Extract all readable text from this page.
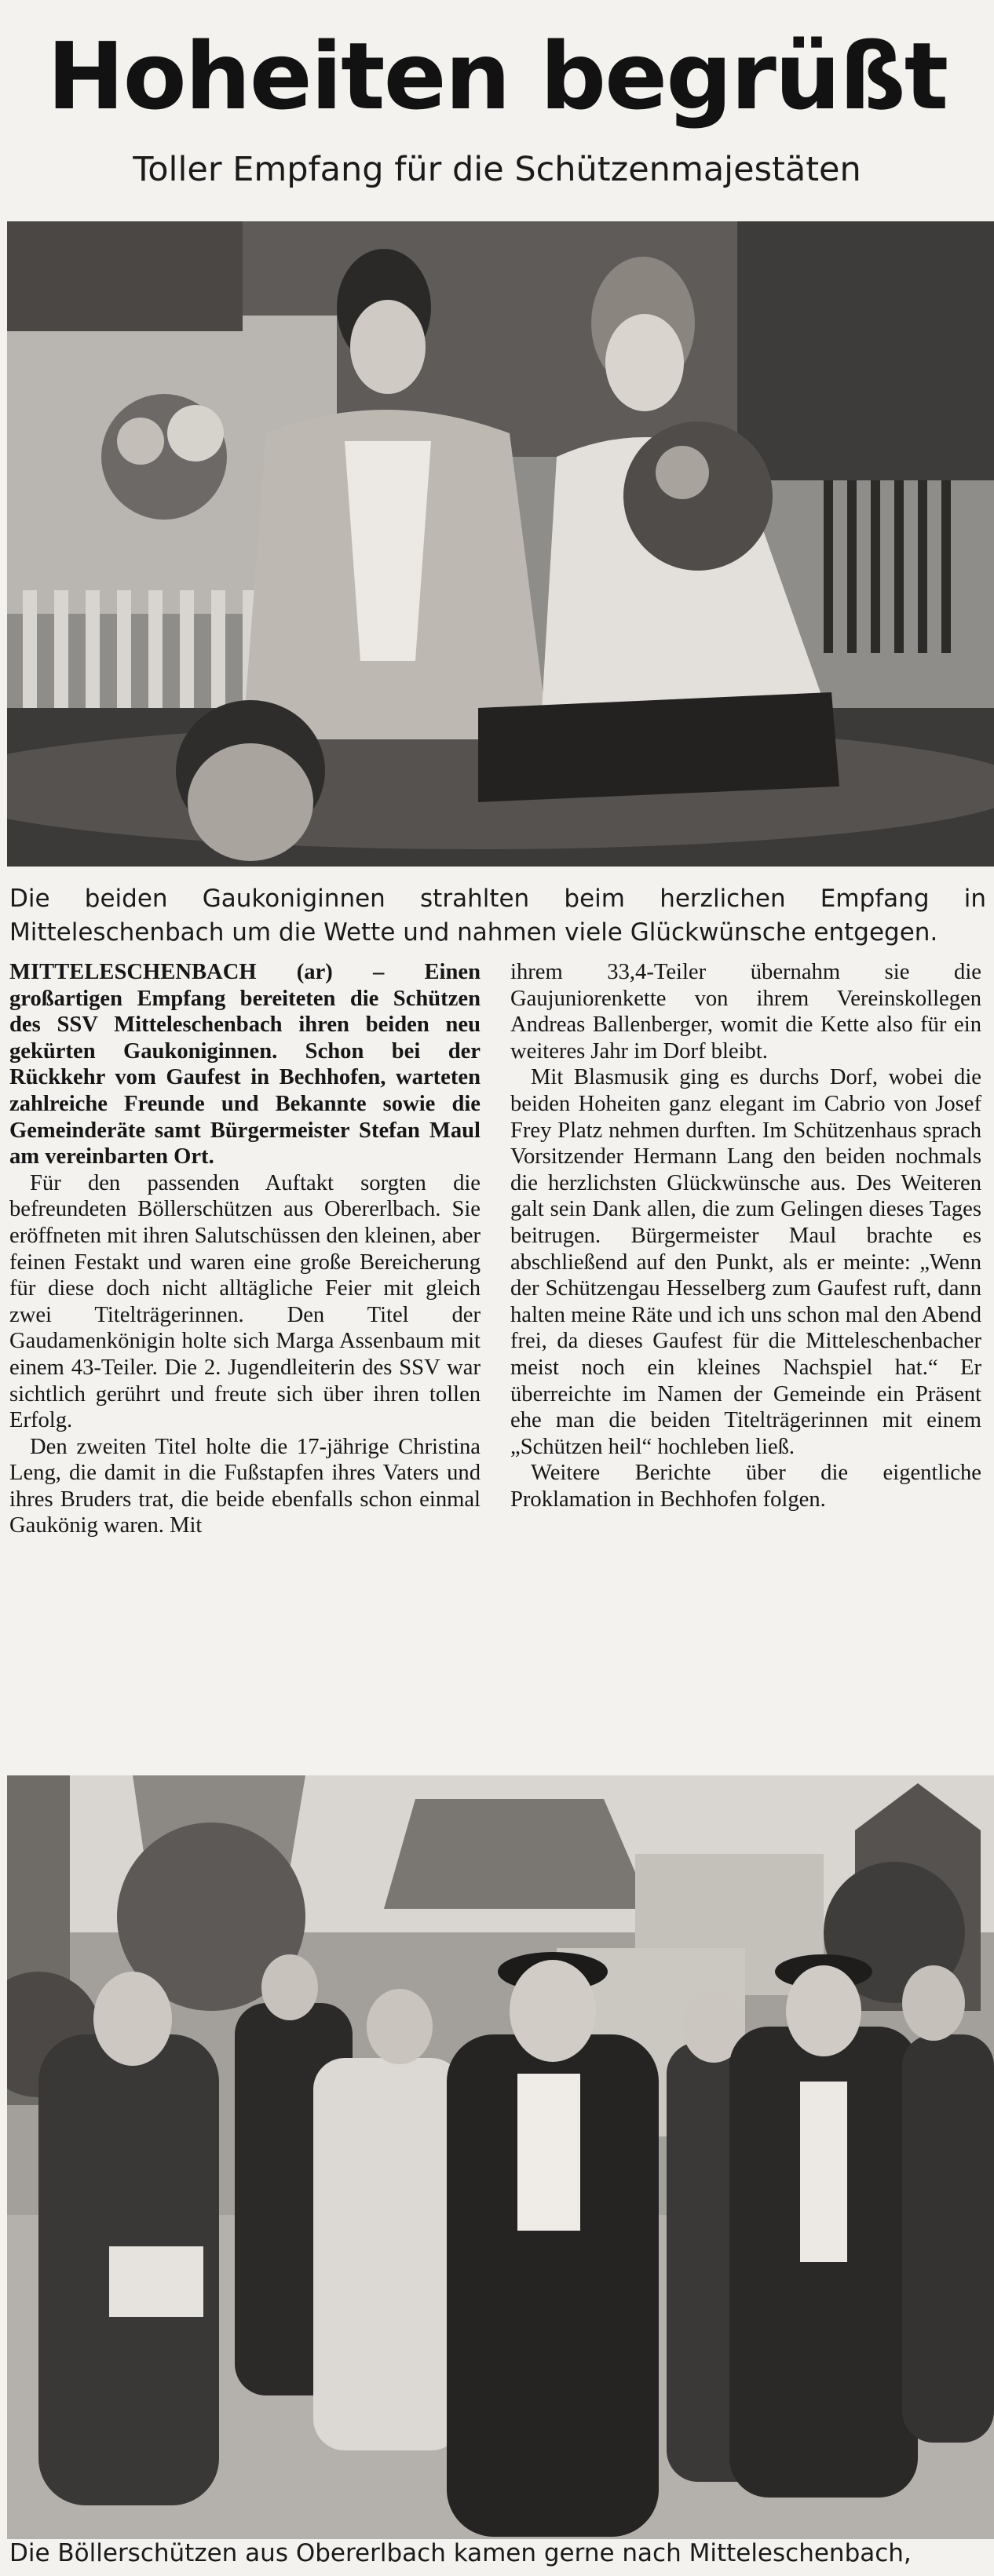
Hoheiten begrüßt
Toller Empfang für die Schützenmajestäten
Die beiden Gaukoniginnen strahlten beim herzlichen Empfang in Mitteleschenbach um die Wette und nahmen viele Glückwünsche entgegen.

MITTELESCHENBACH (ar) – Einen großartigen Empfang bereiteten die Schützen des SSV Mitteleschenbach ihren beiden neu gekürten Gaukoniginnen. Schon bei der Rückkehr vom Gaufest in Bechhofen, warteten zahlreiche Freunde und Bekannte sowie die Gemeinderäte samt Bürgermeister Stefan Maul am vereinbarten Ort.

Für den passenden Auftakt sorgten die befreundeten Böllerschützen aus Obererlbach. Sie eröffneten mit ihren Salutschüssen den kleinen, aber feinen Festakt und waren eine große Bereicherung für diese doch nicht alltägliche Feier mit gleich zwei Titelträgerinnen. Den Titel der Gaudamenkönigin holte sich Marga Assenbaum mit einem 43-Teiler. Die 2. Jugendleiterin des SSV war sichtlich gerührt und freute sich über ihren tollen Erfolg.

Den zweiten Titel holte die 17-jährige Christina Leng, die damit in die Fußstapfen ihres Vaters und ihres Bruders trat, die beide ebenfalls schon einmal Gaukönig waren. Mit

ihrem 33,4-Teiler übernahm sie die Gaujuniorenkette von ihrem Vereinskollegen Andreas Ballenberger, womit die Kette also für ein weiteres Jahr im Dorf bleibt.

Mit Blasmusik ging es durchs Dorf, wobei die beiden Hoheiten ganz elegant im Cabrio von Josef Frey Platz nehmen durften. Im Schützenhaus sprach Vorsitzender Hermann Lang den beiden nochmals die herzlichsten Glückwünsche aus. Des Weiteren galt sein Dank allen, die zum Gelingen dieses Tages beitrugen. Bürgermeister Maul brachte es abschließend auf den Punkt, als er meinte: „Wenn der Schützengau Hesselberg zum Gaufest ruft, dann halten meine Räte und ich uns schon mal den Abend frei, da dieses Gaufest für die Mitteleschenbacher meist noch ein kleines Nachspiel hat.“ Er überreichte im Namen der Gemeinde ein Präsent ehe man die beiden Titelträgerinnen mit einem „Schützen heil“ hochleben ließ.

Weitere Berichte über die eigentliche Proklamation in Bechhofen folgen.

Die Böllerschützen aus Obererlbach kamen gerne nach Mitteleschenbach,
